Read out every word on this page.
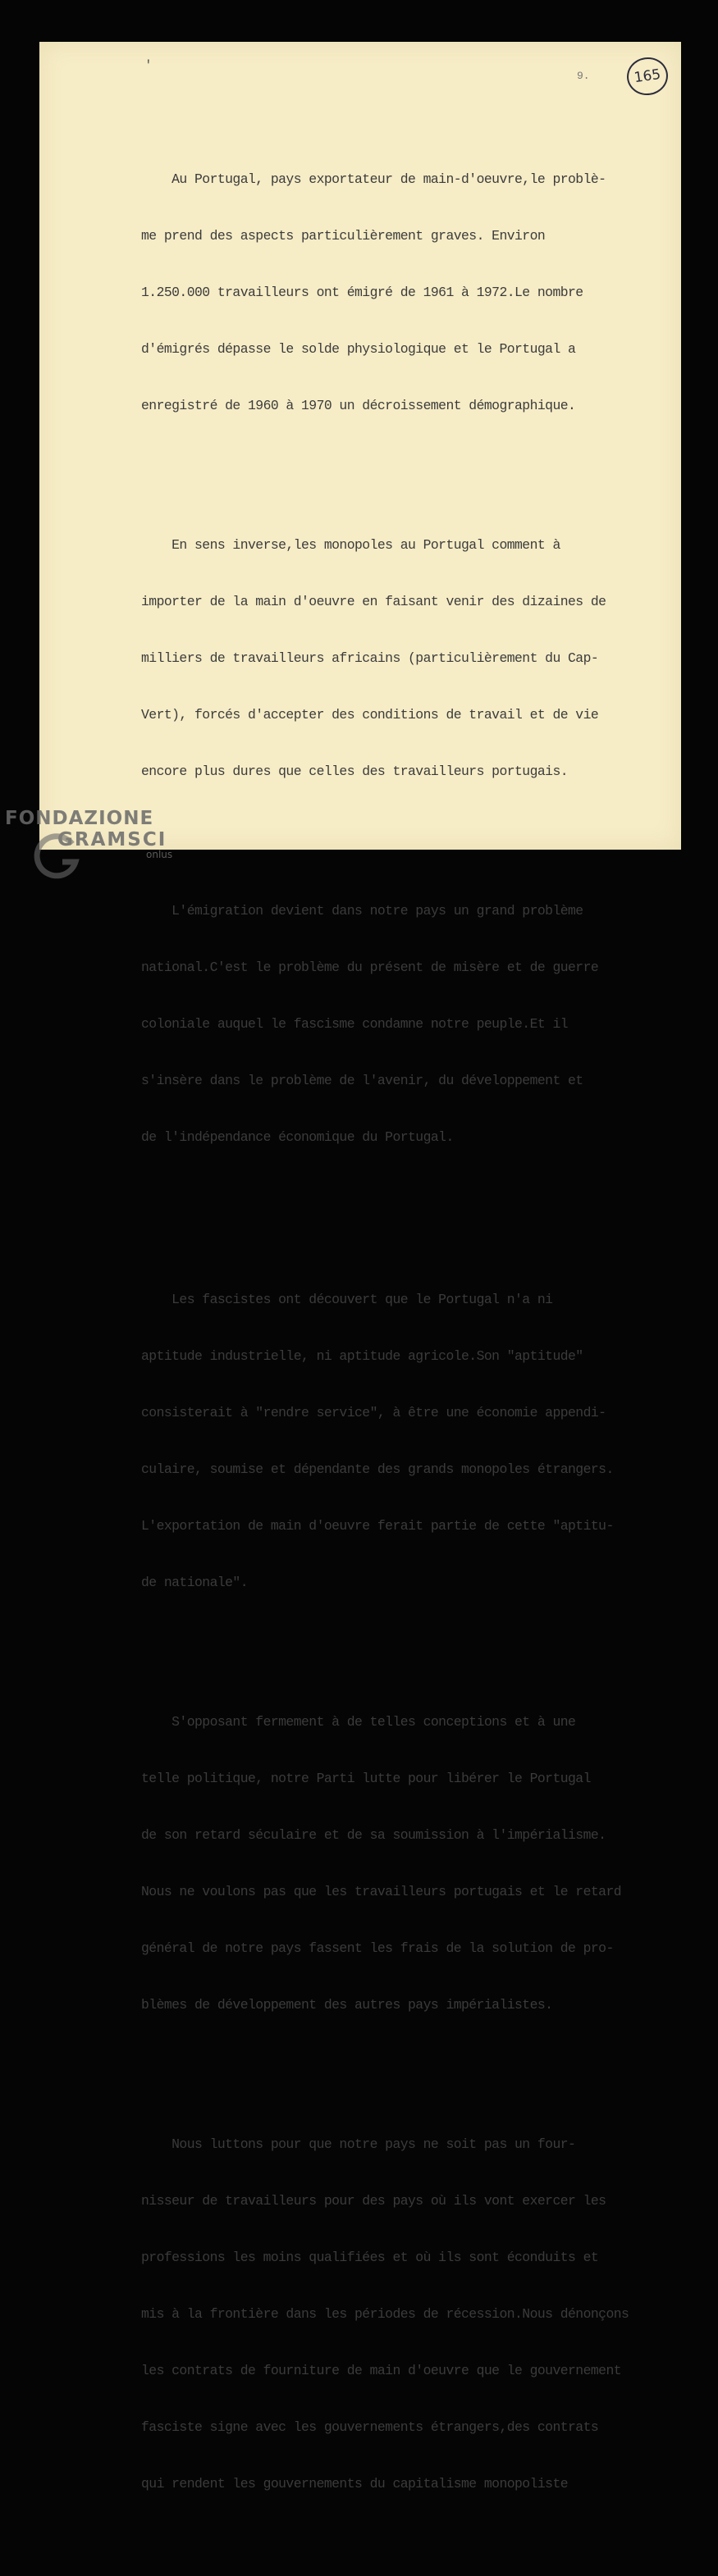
'
9.	165

Au Portugal, pays exportateur de main-d'oeuvre,le problè-

me prend des aspects particulièrement graves. Environ

1.250.000 travailleurs ont émigré de 1961 à 1972.Le nombre

d'émigrés dépasse le solde physiologique et le Portugal a

enregistré de 1960 à 1970 un décroissement démographique.

En sens inverse,les monopoles au Portugal comment à

importer de la main d'oeuvre en faisant venir des dizaines de

milliers de travailleurs africains (particulièrement du Cap-

Vert), forcés d'accepter des conditions de travail et de vie

encore plus dures que celles des travailleurs portugais.

L'émigration devient dans notre pays un grand problème

national.C'est le problème du présent de misère et de guerre

coloniale auquel le fascisme condamne notre peuple.Et il

s'insère dans le problème de l'avenir, du développement et

de l'indépendance économique du Portugal.

Les fascistes ont découvert que le Portugal n'a ni

aptitude industrielle, ni aptitude agricole.Son "aptitude"

consisterait à "rendre service", à être une économie appendi-

culaire, soumise et dépendante des grands monopoles étrangers.

L'exportation de main d'oeuvre ferait partie de cette "aptitu-

de nationale".

S'opposant fermement à de telles conceptions et à une

telle politique, notre Parti lutte pour libérer le Portugal

de son retard séculaire et de sa soumission à l'impérialisme.

Nous ne voulons pas que les travailleurs portugais et le retard

général de notre pays fassent les frais de la solution de pro-

blèmes de développement des autres pays impérialistes.

Nous luttons pour que notre pays ne soit pas un four-

nisseur de travailleurs pour des pays où ils vont exercer les

professions les moins qualifiées et où ils sont éconduits et

mis à la frontière dans les périodes de récession.Nous dénonçons

les contrats de fourniture de main d'oeuvre que le gouvernement

fasciste signe avec les gouvernements étrangers,des contrats

qui rendent les gouvernements du capitalisme monopoliste

FONDAZIONE
GRAMSCI
onlus
